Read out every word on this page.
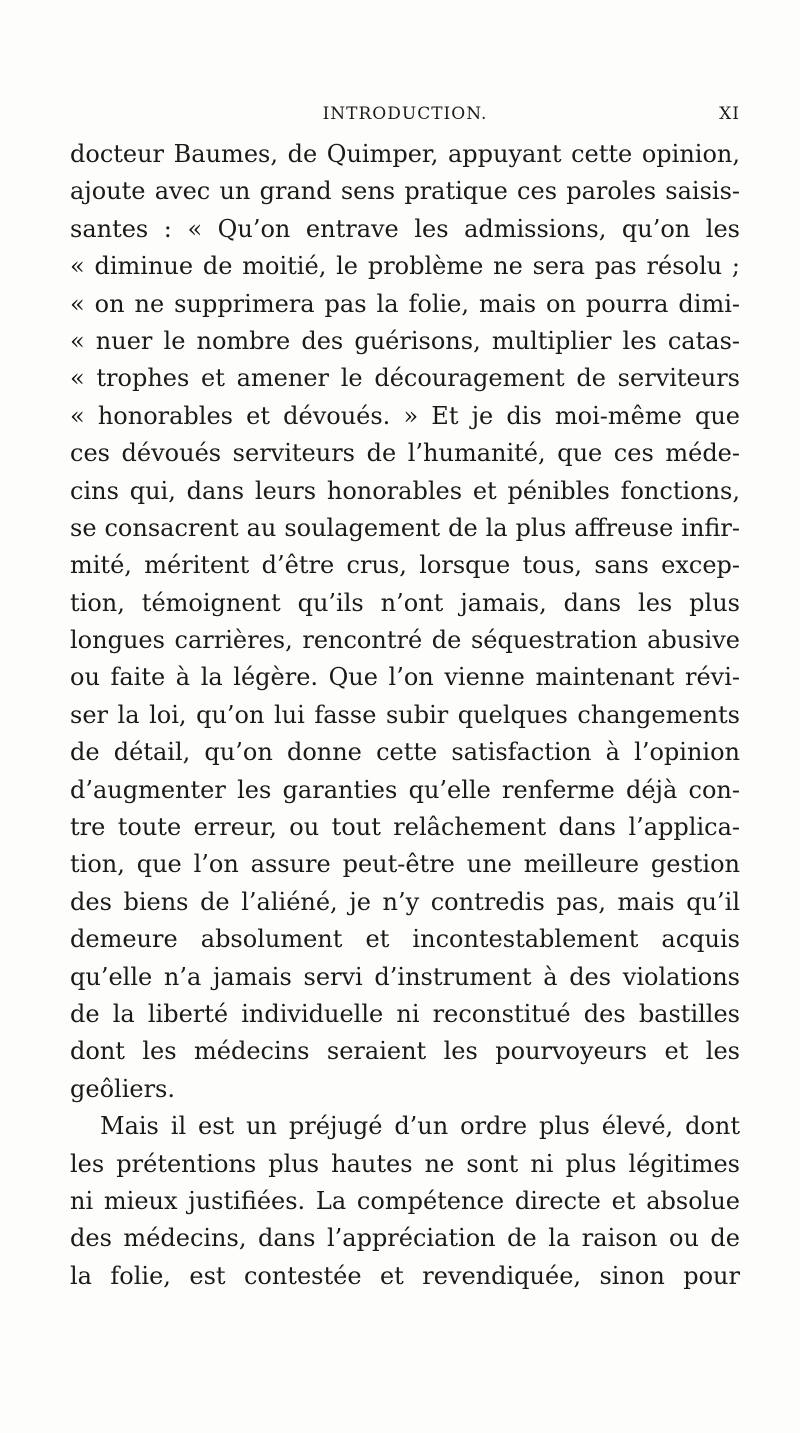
INTRODUCTION.	XI
docteur Baumes, de Quimper, appuyant cette opinion,
ajoute avec un grand sens pratique ces paroles saisis-
santes : « Qu’on entrave les admissions, qu’on les
« diminue de moitié, le problème ne sera pas résolu ;
« on ne supprimera pas la folie, mais on pourra dimi-
« nuer le nombre des guérisons, multiplier les catas-
« trophes et amener le découragement de serviteurs
« honorables et dévoués. » Et je dis moi-même que
ces dévoués serviteurs de l’humanité, que ces méde-
cins qui, dans leurs honorables et pénibles fonctions,
se consacrent au soulagement de la plus affreuse infir-
mité, méritent d’être crus, lorsque tous, sans excep-
tion, témoignent qu’ils n’ont jamais, dans les plus
longues carrières, rencontré de séquestration abusive
ou faite à la légère. Que l’on vienne maintenant révi-
ser la loi, qu’on lui fasse subir quelques changements
de détail, qu’on donne cette satisfaction à l’opinion
d’augmenter les garanties qu’elle renferme déjà con-
tre toute erreur, ou tout relâchement dans l’applica-
tion, que l’on assure peut-être une meilleure gestion
des biens de l’aliéné, je n’y contredis pas, mais qu’il
demeure absolument et incontestablement acquis
qu’elle n’a jamais servi d’instrument à des violations
de la liberté individuelle ni reconstitué des bastilles
dont les médecins seraient les pourvoyeurs et les
geôliers.
Mais il est un préjugé d’un ordre plus élevé, dont
les prétentions plus hautes ne sont ni plus légitimes
ni mieux justifiées. La compétence directe et absolue
des médecins, dans l’appréciation de la raison ou de
la folie, est contestée et revendiquée, sinon pour
